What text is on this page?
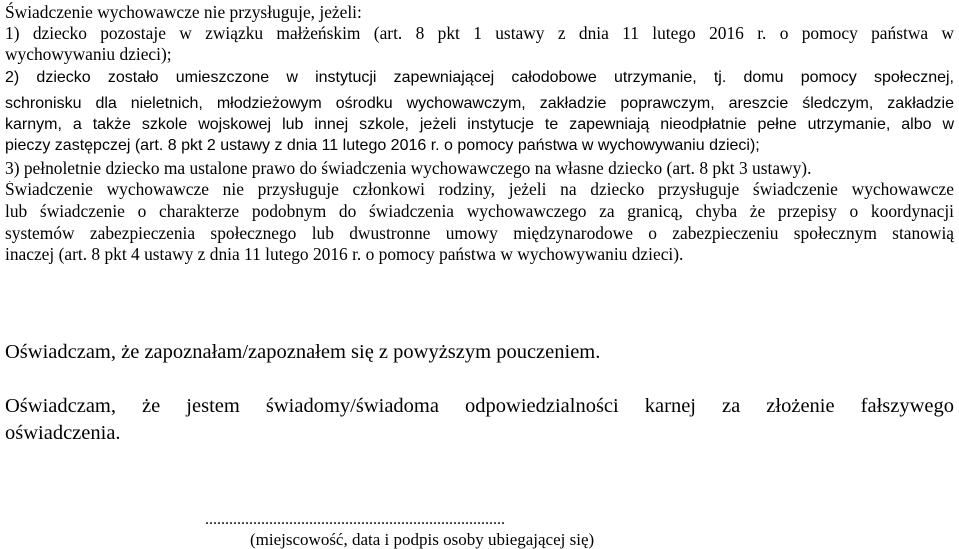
Świadczenie wychowawcze nie przysługuje, jeżeli:

1) dziecko pozostaje w związku małżeńskim (art. 8 pkt 1 ustawy z dnia 11 lutego 2016 r. o pomocy państwa w

wychowywaniu dzieci);

2) dziecko zostało umieszczone w instytucji zapewniającej całodobowe utrzymanie, tj. domu pomocy społecznej,

schronisku dla nieletnich, młodzieżowym ośrodku wychowawczym, zakładzie poprawczym, areszcie śledczym, zakładzie

karnym, a także szkole wojskowej lub innej szkole, jeżeli instytucje te zapewniają nieodpłatnie pełne utrzymanie, albo w

pieczy zastępczej (art. 8 pkt 2 ustawy z dnia 11 lutego 2016 r. o pomocy państwa w wychowywaniu dzieci);

3) pełnoletnie dziecko ma ustalone prawo do świadczenia wychowawczego na własne dziecko (art. 8 pkt 3 ustawy).

Świadczenie wychowawcze nie przysługuje członkowi rodziny, jeżeli na dziecko przysługuje świadczenie wychowawcze

lub świadczenie o charakterze podobnym do świadczenia wychowawczego za granicą, chyba że przepisy o koordynacji

systemów zabezpieczenia społecznego lub dwustronne umowy międzynarodowe o zabezpieczeniu społecznym stanowią

inaczej (art. 8 pkt 4 ustawy z dnia 11 lutego 2016 r. o pomocy państwa w wychowywaniu dzieci).

Oświadczam, że zapoznałam/zapoznałem się z powyższym pouczeniem.

Oświadczam, że jestem świadomy/świadoma odpowiedzialności karnej za złożenie fałszywego

oświadczenia.

...........................................................................

(miejscowość, data i podpis osoby ubiegającej się)
